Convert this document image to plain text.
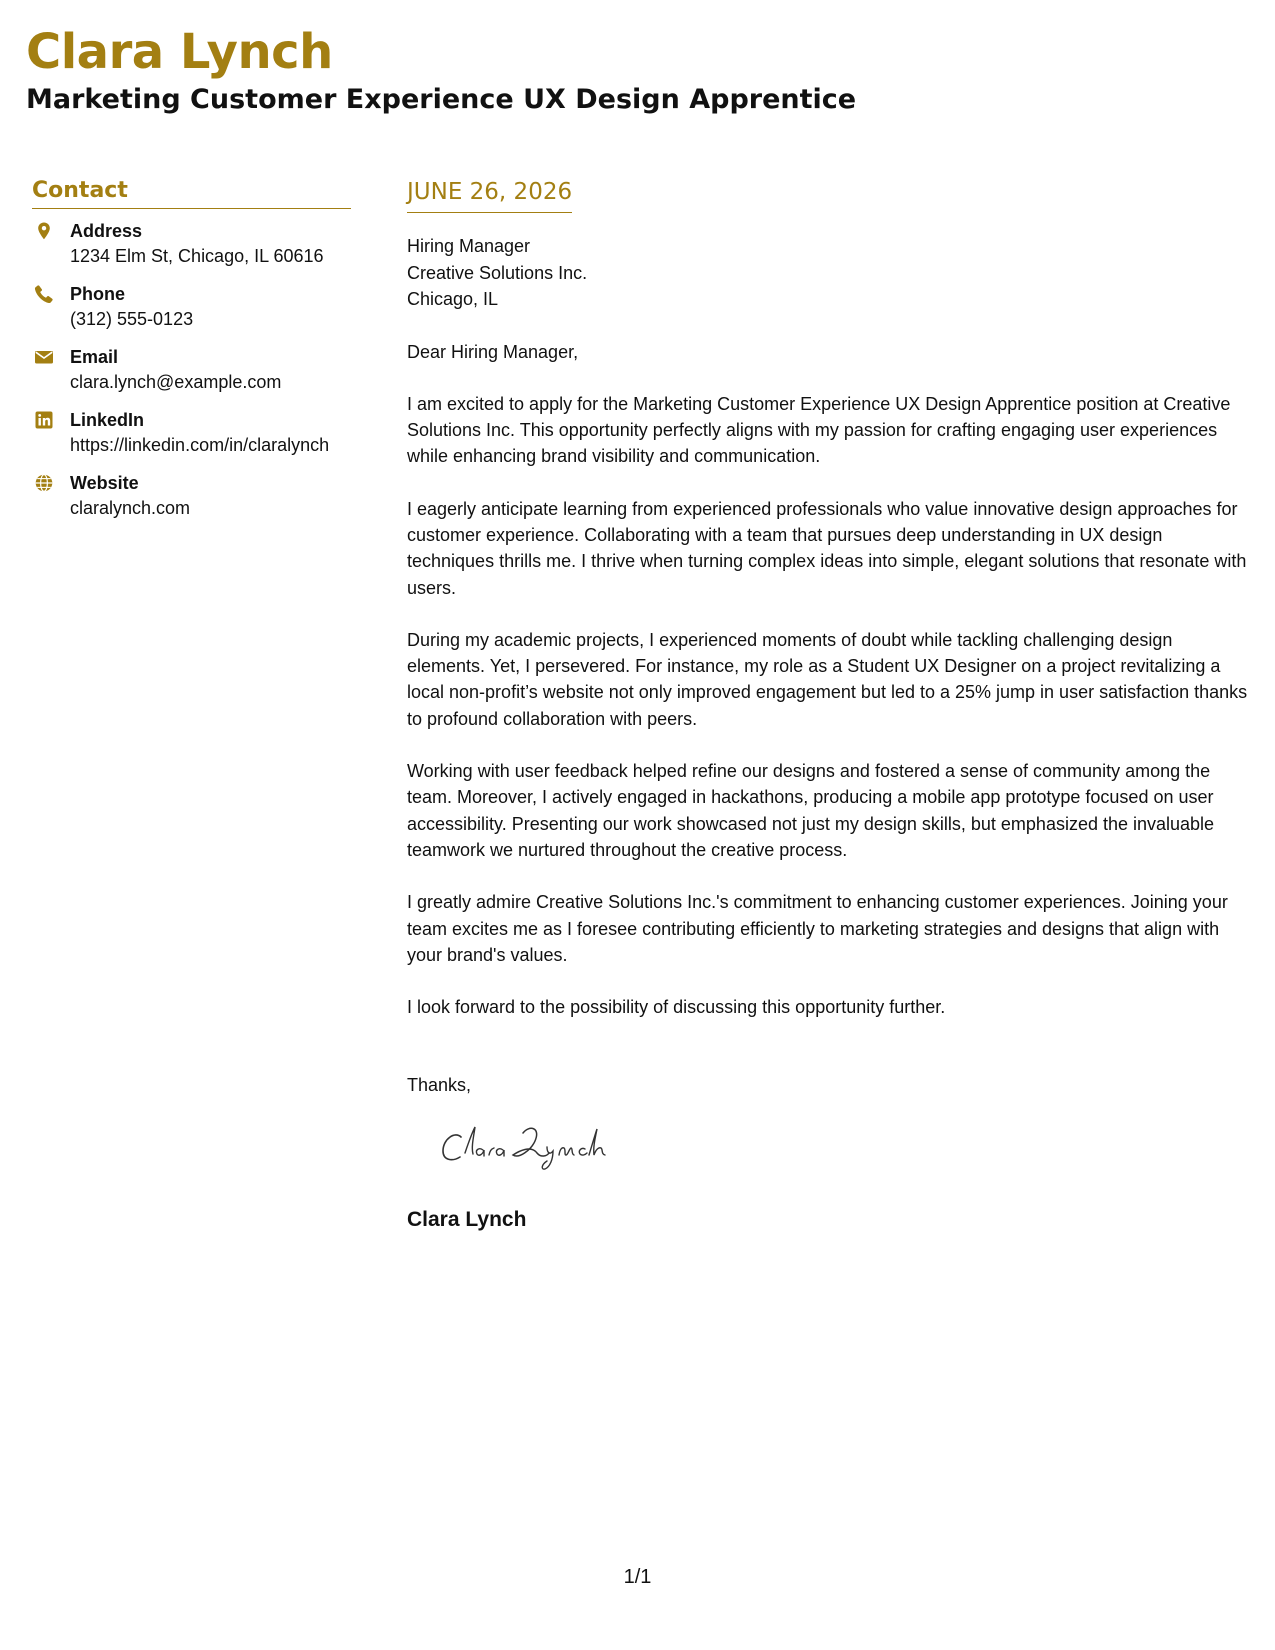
Clara Lynch
Marketing Customer Experience UX Design Apprentice
Contact
Address
1234 Elm St, Chicago, IL 60616
Phone
(312) 555-0123
Email
clara.lynch@example.com
LinkedIn
https://linkedin.com/in/claralynch
Website
claralynch.com
JUNE 26, 2026
Hiring Manager
Creative Solutions Inc.
Chicago, IL

Dear Hiring Manager,

I am excited to apply for the Marketing Customer Experience UX Design Apprentice position at Creative Solutions Inc. This opportunity perfectly aligns with my passion for crafting engaging user experiences while enhancing brand visibility and communication.

I eagerly anticipate learning from experienced professionals who value innovative design approaches for customer experience. Collaborating with a team that pursues deep understanding in UX design techniques thrills me. I thrive when turning complex ideas into simple, elegant solutions that resonate with users.

During my academic projects, I experienced moments of doubt while tackling challenging design elements. Yet, I persevered. For instance, my role as a Student UX Designer on a project revitalizing a local non-profit’s website not only improved engagement but led to a 25% jump in user satisfaction thanks to profound collaboration with peers.

Working with user feedback helped refine our designs and fostered a sense of community among the team. Moreover, I actively engaged in hackathons, producing a mobile app prototype focused on user accessibility. Presenting our work showcased not just my design skills, but emphasized the invaluable teamwork we nurtured throughout the creative process.

I greatly admire Creative Solutions Inc.'s commitment to enhancing customer experiences. Joining your team excites me as I foresee contributing efficiently to marketing strategies and designs that align with your brand's values.

I look forward to the possibility of discussing this opportunity further.

Thanks,
Clara Lynch
1/1
